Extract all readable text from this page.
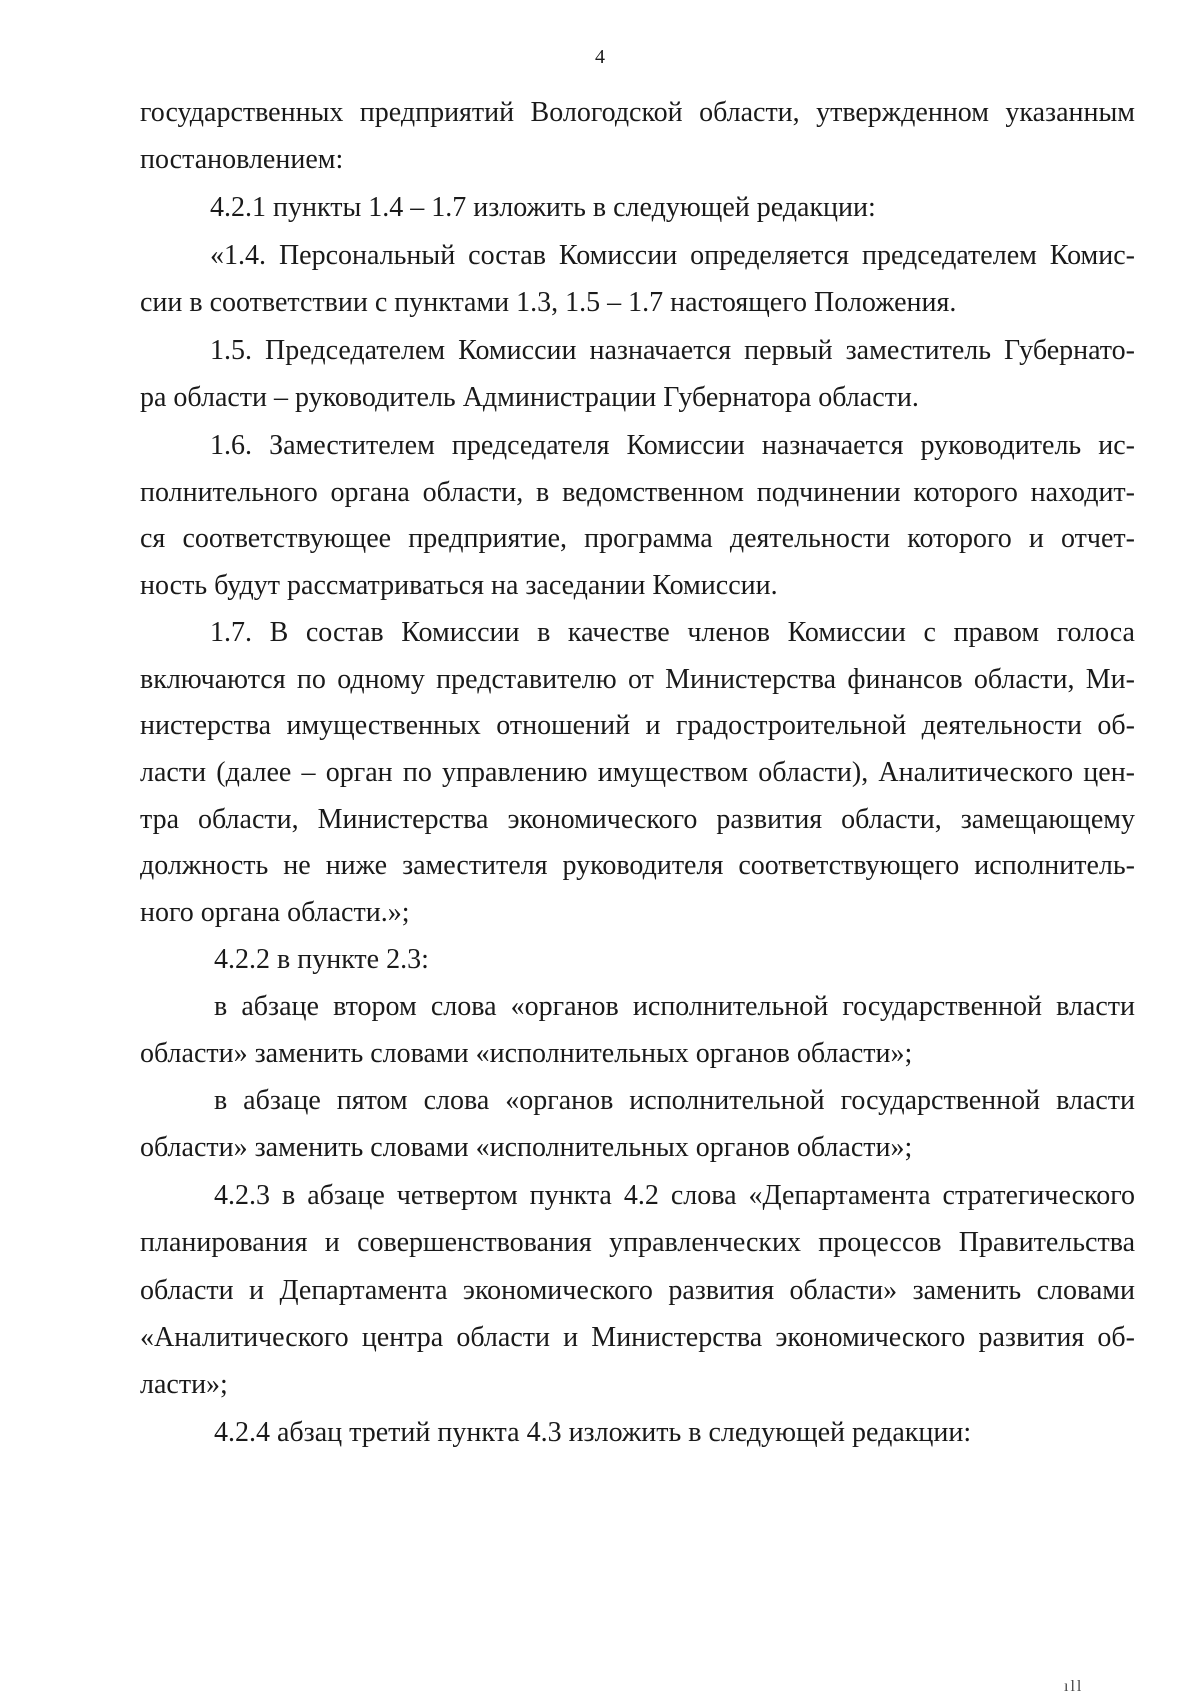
4
государственных предприятий Вологодской области, утвержденном указанным
постановлением:
4.2.1 пункты 1.4 – 1.7 изложить в следующей редакции:
«1.4. Персональный состав Комиссии определяется председателем Комис-
сии в соответствии с пунктами 1.3, 1.5 – 1.7 настоящего Положения.
1.5. Председателем Комиссии назначается первый заместитель Губернато-
ра области – руководитель Администрации Губернатора области.
1.6. Заместителем председателя Комиссии назначается руководитель ис-
полнительного органа области, в ведомственном подчинении которого находит-
ся соответствующее предприятие, программа деятельности которого и отчет-
ность будут рассматриваться на заседании Комиссии.
1.7. В состав Комиссии в качестве членов Комиссии с правом голоса
включаются по одному представителю от Министерства финансов области, Ми-
нистерства имущественных отношений и градостроительной деятельности об-
ласти (далее – орган по управлению имуществом области), Аналитического цен-
тра области, Министерства экономического развития области, замещающему
должность не ниже заместителя руководителя соответствующего исполнитель-
ного органа области.»;
4.2.2 в пункте 2.3:
в абзаце втором слова «органов исполнительной государственной власти
области» заменить словами «исполнительных органов области»;
в абзаце пятом слова «органов исполнительной государственной власти
области» заменить словами «исполнительных органов области»;
4.2.3 в абзаце четвертом пункта 4.2 слова «Департамента стратегического
планирования и совершенствования управленческих процессов Правительства
области и Департамента экономического развития области» заменить словами
«Аналитического центра области и Министерства экономического развития об-
ласти»;
4.2.4 абзац третий пункта 4.3 изложить в следующей редакции:
ıll
